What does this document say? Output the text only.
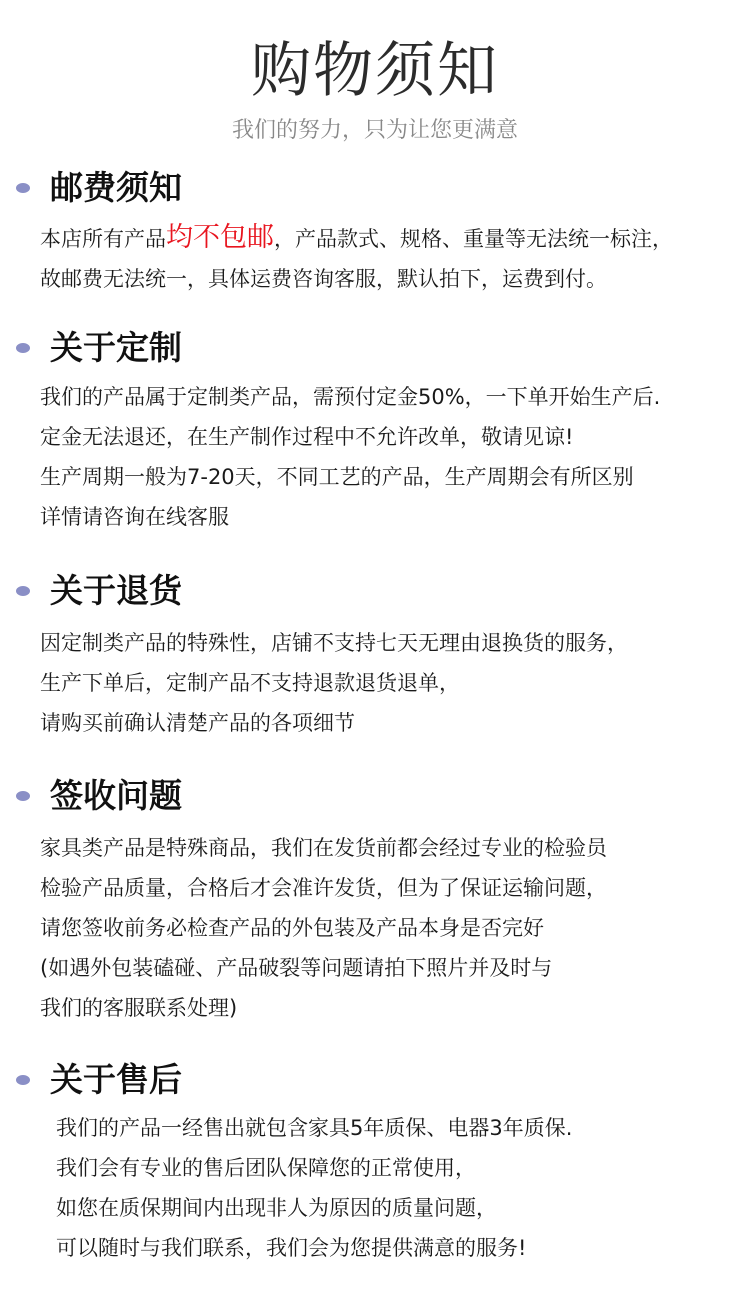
购物须知
我们的努力，只为让您更满意
邮费须知
本店所有产品均不包邮，产品款式、规格、重量等无法统一标注，
故邮费无法统一，具体运费咨询客服，默认拍下，运费到付。
关于定制
我们的产品属于定制类产品，需预付定金50%，一下单开始生产后.
定金无法退还，在生产制作过程中不允许改单，敬请见谅!
生产周期一般为7-20天，不同工艺的产品，生产周期会有所区别
详情请咨询在线客服
关于退货
因定制类产品的特殊性，店铺不支持七天无理由退换货的服务，
生产下单后，定制产品不支持退款退货退单，
请购买前确认清楚产品的各项细节
签收问题
家具类产品是特殊商品，我们在发货前都会经过专业的检验员
检验产品质量，合格后才会准许发货，但为了保证运输问题，
请您签收前务必检查产品的外包装及产品本身是否完好
(如遇外包装磕碰、产品破裂等问题请拍下照片并及时与
我们的客服联系处理)
关于售后
我们的产品一经售出就包含家具5年质保、电器3年质保.
我们会有专业的售后团队保障您的正常使用，
如您在质保期间内出现非人为原因的质量问题，
可以随时与我们联系，我们会为您提供满意的服务!
